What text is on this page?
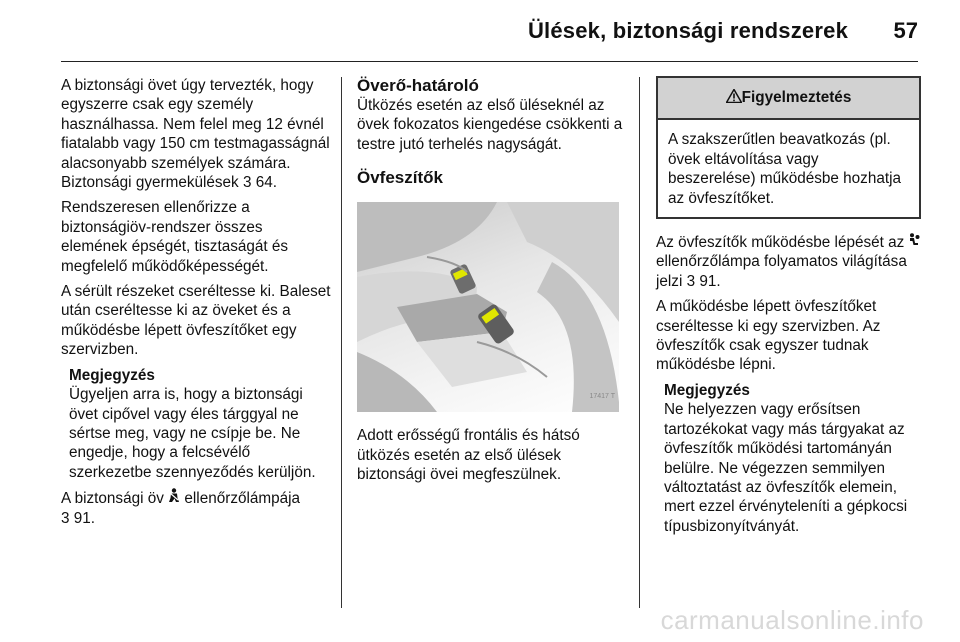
Ülések, biztonsági rendszerek 57

A biztonsági övet úgy tervezték, hogy egyszerre csak egy személy használhassa. Nem felel meg 12 évnél fiatalabb vagy 150 cm testmagasságnál alacsonyabb személyek számára. Biztonsági gyermekülések 3 64.

Rendszeresen ellenőrizze a biztonságiöv-rendszer összes elemének épségét, tisztaságát és megfelelő működőképességét.

A sérült részeket cseréltesse ki. Baleset után cseréltesse ki az öveket és a működésbe lépett övfeszítőket egy szervizben.

Megjegyzés
Ügyeljen arra is, hogy a biztonsági övet cipővel vagy éles tárggyal ne sértse meg, vagy ne csípje be. Ne engedje, hogy a felcsévélő szerkezetbe szennyeződés kerüljön.

A biztonsági öv  ellenőrzőlámpája
3 91.

Överő-határoló

Ütközés esetén az első üléseknél az övek fokozatos kiengedése csökkenti a testre jutó terhelés nagyságát.

Övfeszítők
17417 T

Adott erősségű frontális és hátsó ütközés esetén az első ülések biztonsági övei megfeszülnek.

Figyelmeztetés
A szakszerűtlen beavatkozás (pl. övek eltávolítása vagy beszerelése) működésbe hozhatja az övfeszítőket.

Az övfeszítők működésbe lépését az  ellenőrzőlámpa folyamatos világítása jelzi 3 91.

A működésbe lépett övfeszítőket cseréltesse ki egy szervizben. Az övfeszítők csak egyszer tudnak működésbe lépni.

Megjegyzés
Ne helyezzen vagy erősítsen tartozékokat vagy más tárgyakat az övfeszítők működési tartományán belülre. Ne végezzen semmilyen változtatást az övfeszítők elemein, mert ezzel érvényteleníti a gépkocsi típusbizonyítványát.
carmanualsonline.info
